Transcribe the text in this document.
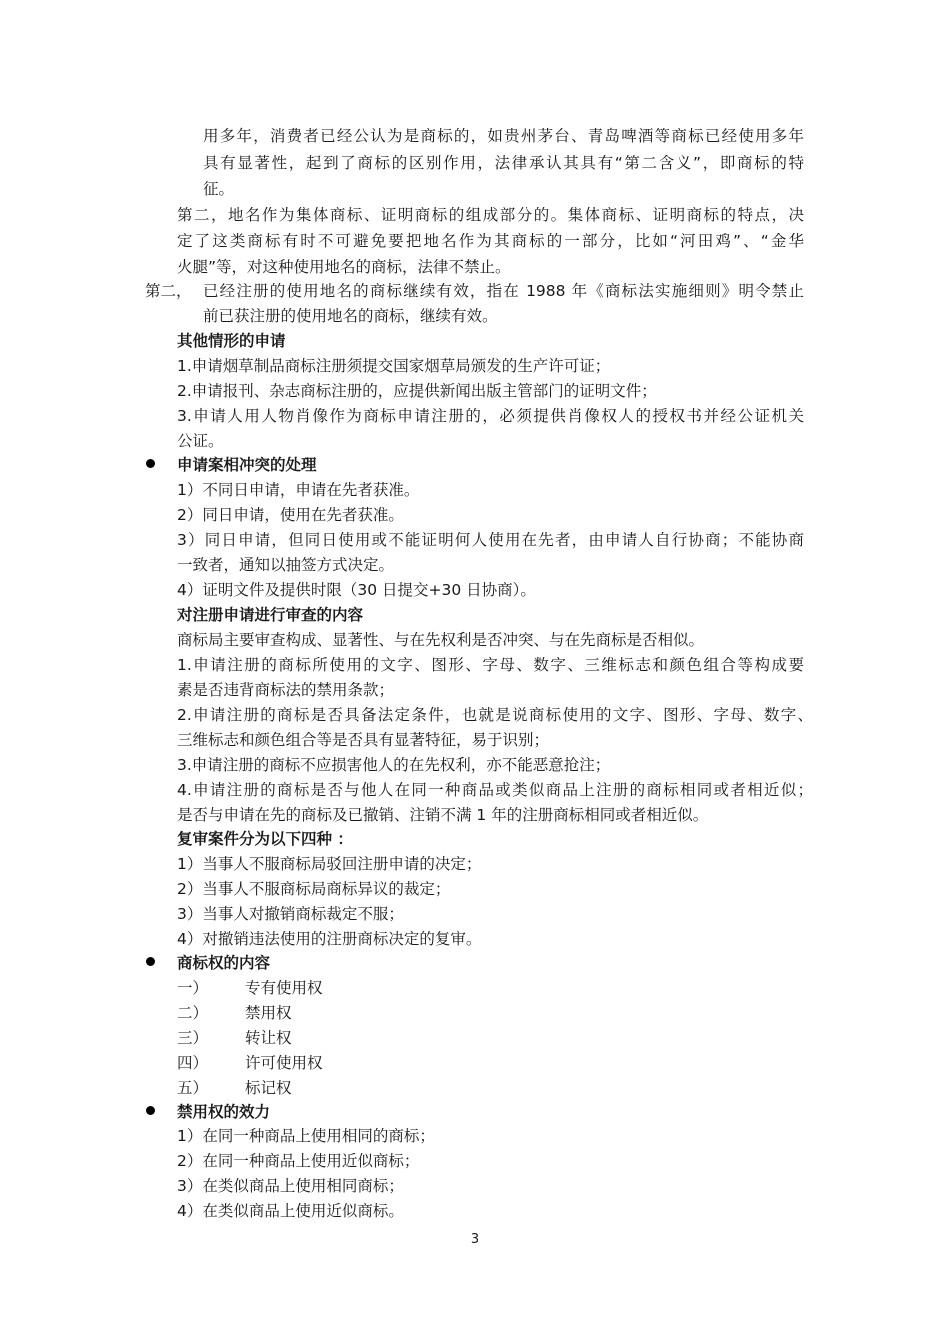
用多年，消费者已经公认为是商标的，如贵州茅台、青岛啤酒等商标已经使用多年
具有显著性，起到了商标的区别作用，法律承认其具有“第二含义”，即商标的特
征。
第二，地名作为集体商标、证明商标的组成部分的。集体商标、证明商标的特点，决
定了这类商标有时不可避免要把地名作为其商标的一部分，比如“河田鸡”、“金华
火腿”等，对这种使用地名的商标，法律不禁止。
第二， 已经注册的使用地名的商标继续有效，指在 1988 年《商标法实施细则》明令禁止
前已获注册的使用地名的商标，继续有效。
其他情形的申请
1.申请烟草制品商标注册须提交国家烟草局颁发的生产许可证；
2.申请报刊、杂志商标注册的，应提供新闻出版主管部门的证明文件；
3.申请人用人物肖像作为商标申请注册的，必须提供肖像权人的授权书并经公证机关
公证。
申请案相冲突的处理
1）不同日申请，申请在先者获准。
2）同日申请，使用在先者获准。
3）同日申请，但同日使用或不能证明何人使用在先者，由申请人自行协商；不能协商
一致者，通知以抽签方式决定。
4）证明文件及提供时限（30 日提交+30 日协商）。
对注册申请进行审查的内容
商标局主要审查构成、显著性、与在先权利是否冲突、与在先商标是否相似。
1.申请注册的商标所使用的文字、图形、字母、数字、三维标志和颜色组合等构成要
素是否违背商标法的禁用条款；
2.申请注册的商标是否具备法定条件，也就是说商标使用的文字、图形、字母、数字、
三维标志和颜色组合等是否具有显著特征，易于识别；
3.申请注册的商标不应损害他人的在先权利，亦不能恶意抢注；
4.申请注册的商标是否与他人在同一种商品或类似商品上注册的商标相同或者相近似；
是否与申请在先的商标及已撤销、注销不满 1 年的注册商标相同或者相近似。
复审案件分为以下四种 ：
1）当事人不服商标局驳回注册申请的决定；
2）当事人不服商标局商标异议的裁定；
3）当事人对撤销商标裁定不服；
4）对撤销违法使用的注册商标决定的复审。
商标权的内容
一） 专有使用权
二） 禁用权
三） 转让权
四） 许可使用权
五） 标记权
禁用权的效力
1）在同一种商品上使用相同的商标；
2）在同一种商品上使用近似商标；
3）在类似商品上使用相同商标；
4）在类似商品上使用近似商标。
3
